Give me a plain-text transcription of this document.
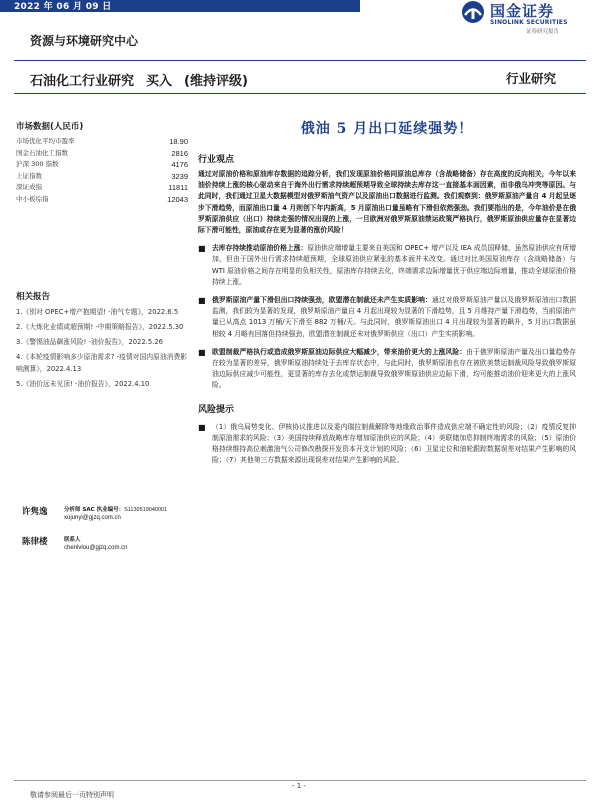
2022 年 06 月 09 日	国金证券
SINOLINK SECURITIES
证券研究报告
资源与环境研究中心
石油化工行业研究 买入 (维持评级)	行业研究
市场数据(人民币)
市场优化平均市盈率	18.90
国金石油化工指数	2816
沪深 300 指数	4176
上证指数	3239
深证成指	11811
中小板综指	12043
相关报告
1.《别对 OPEC+增产抱期望! -油气专题》，2022.6.5
2.《大炼化业绩或超预期! -中期策略报告》，2022.5.30
3.《警惕油品飙涨风险! -油价报告》，2022.5.26
4.《本轮疫情影响多少原油需求? -疫情对国内原油消费影响测算》，2022.4.13
5.《油价远未见顶! -油价报告》，2022.4.10
许隽逸	分析师 SAC 执业编号：S1130519040001
xujunyi@gjzq.com.cn
陈律楼	联系人
chenlvlou@gjzq.com.cn
俄油 5 月出口延续强势！
行业观点
通过对原油价格和原油库存数据的追踪分析，我们发现原油价格同原油总库存（含战略储备）存在高度的反向相关，今年以来油价持续上涨的核心驱动来自于海外出行需求持续超预期导致全球持续去库存这一直接基本面因素，而非俄乌冲突等原因。与此同时，我们通过卫星大数据模型对俄罗斯油气资产以及原油出口数据进行监测。我们观察到：俄罗斯原油产量自 4 月起呈逐步下滑趋势，而原油出口量 4 月则创下年内新高，5 月原油出口量虽略有下滑但依然强劲。我们要指出的是，今年油价是在俄罗斯原油供应（出口）持续走强的情况出现的上涨，一旦欧洲对俄罗斯原油禁运政策严格执行，俄罗斯原油供应量存在显著边际下滑可能性，原油或存在更为显著的涨价风险！
■ 去库存持续推动原油价格上涨：原油供应端增量主要来自美国和 OPEC+ 增产以及 IEA 成员国释储，虽然原油供应有所增加，但由于国外出行需求持续超预期，全球原油供应紧张的基本面并未改变。通过对比美国原油库存（含战略储备）与 WTI 原油价格之间存在明显的负相关性，原油库存持续去化，终端需求边际增量优于供应端边际增量，推动全球原油价格持续上涨。
■ 俄罗斯原油产量下滑但出口持续强劲，欧盟潜在制裁还未产生实质影响：通过对俄罗斯原油产量以及俄罗斯原油出口数据监测，我们较为显著的发现，俄罗斯原油产量自 4 月起出现较为显著的下滑趋势，且 5 月维持产量下滑趋势，当前原油产量已从高点 1013 万桶/天下滑至 882 万桶/天。与此同时，俄罗斯原油出口 4 月出现较为显著的飙升，5 月出口数据虽相较 4 月略有回落但持续强劲，欧盟潜在制裁还未对俄罗斯供应（出口）产生实质影响。
■ 欧盟制裁严格执行或造成俄罗斯原油边际供应大幅减少，带来油价更大的上涨风险：由于俄罗斯原油产量及出口量趋势存在较为显著的差异，俄罗斯原油持续处于去库存状态中，与此同时，俄罗斯原油也存在被欧美禁运制裁风险导致俄罗斯原油边际供应减少可能性，更显著的库存去化或禁运制裁导致俄罗斯原油供应边际下滑，均可能推动油价迎来更大的上涨风险。
风险提示
■ （1）俄乌局势变化、伊核协议推进以及委内瑞拉制裁解除等地缘政治事件造成供应端不确定性的风险；（2）疫情反复抑制原油需求的风险；（3）美国持续释放战略库存增加原油供应的风险；（4）美联储加息抑制终端需求的风险；（5）原油价格持续维持高位刺激油气公司修改勘探开发资本开支计划的风险；（6）卫星定位和油轮跟踪数据误差对结果产生影响的风险；（7）其他第三方数据来源出现误差对结果产生影响的风险。
- 1 -
敬请参阅最后一页特别声明
